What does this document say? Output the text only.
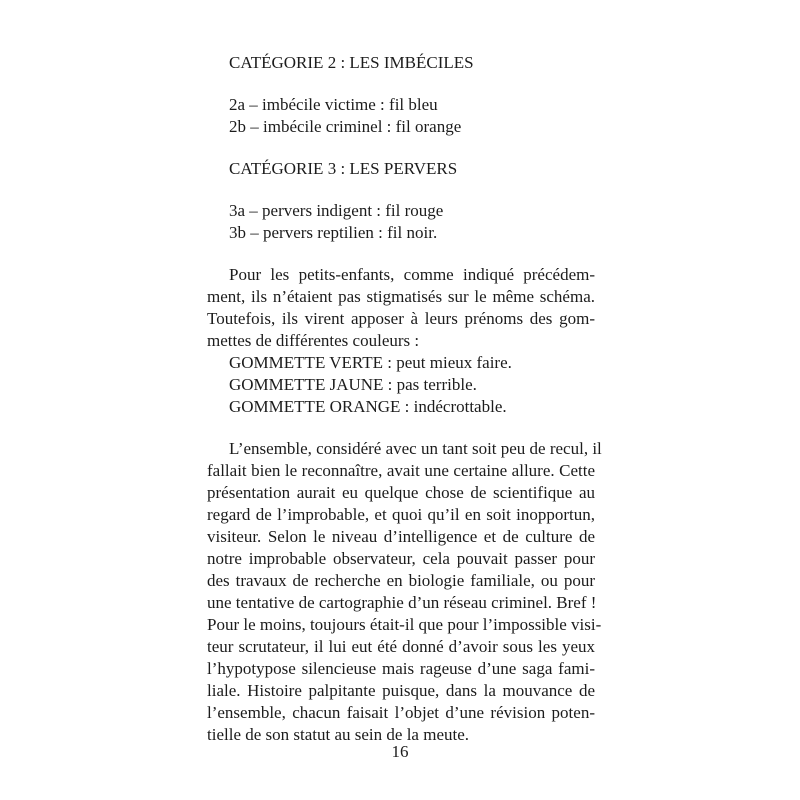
CATÉGORIE 2 : LES IMBÉCILES
2a – imbécile victime : fil bleu
2b – imbécile criminel : fil orange
CATÉGORIE 3 : LES PERVERS
3a – pervers indigent : fil rouge
3b – pervers reptilien : fil noir.
Pour les petits-enfants, comme indiqué précédem-
ment, ils n’étaient pas stigmatisés sur le même schéma.
Toutefois, ils virent apposer à leurs prénoms des gom-
mettes de différentes couleurs :
GOMMETTE VERTE : peut mieux faire.
GOMMETTE JAUNE : pas terrible.
GOMMETTE ORANGE : indécrottable.
L’ensemble, considéré avec un tant soit peu de recul, il
fallait bien le reconnaître, avait une certaine allure. Cette
présentation aurait eu quelque chose de scientifique au
regard de l’improbable, et quoi qu’il en soit inopportun,
visiteur. Selon le niveau d’intelligence et de culture de
notre improbable observateur, cela pouvait passer pour
des travaux de recherche en biologie familiale, ou pour
une tentative de cartographie d’un réseau criminel. Bref !
Pour le moins, toujours était-il que pour l’impossible visi-
teur scrutateur, il lui eut été donné d’avoir sous les yeux
l’hypotypose silencieuse mais rageuse d’une saga fami-
liale. Histoire palpitante puisque, dans la mouvance de
l’ensemble, chacun faisait l’objet d’une révision poten-
tielle de son statut au sein de la meute.
16
